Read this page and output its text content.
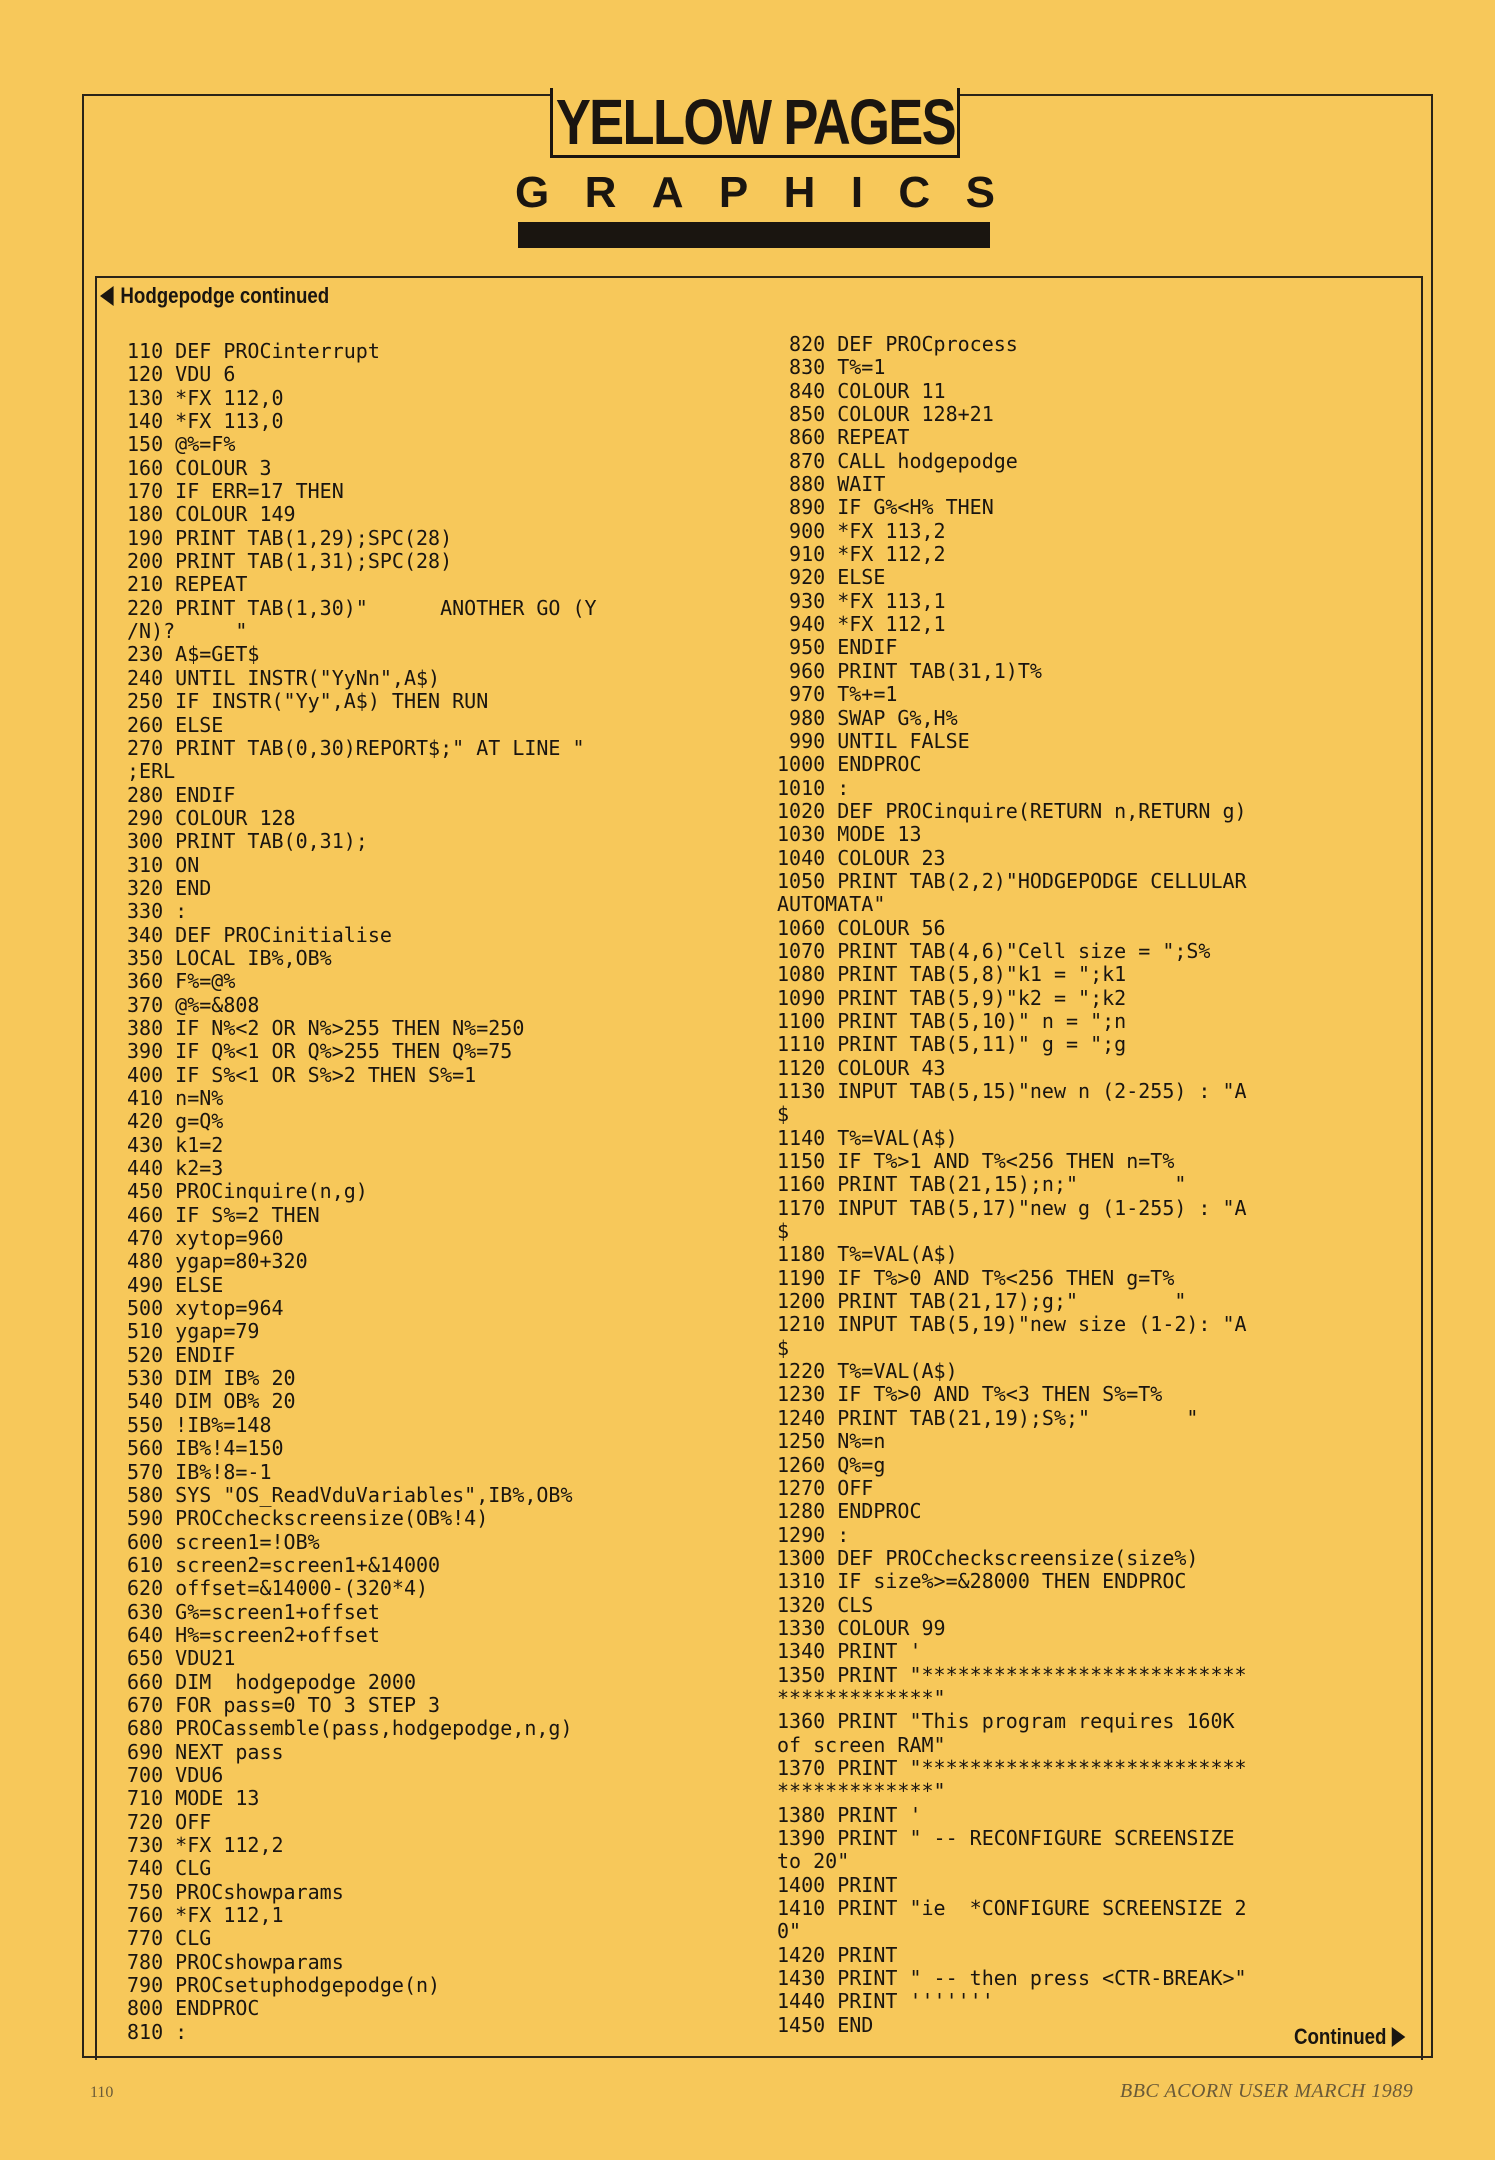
YELLOW PAGES
G R A P H I C S
Hodgepodge continued
110 DEF PROCinterrupt
120 VDU 6
130 *FX 112,0
140 *FX 113,0
150 @%=F%
160 COLOUR 3
170 IF ERR=17 THEN
180 COLOUR 149
190 PRINT TAB(1,29);SPC(28)
200 PRINT TAB(1,31);SPC(28)
210 REPEAT
220 PRINT TAB(1,30)"      ANOTHER GO (Y
/N)?     "
230 A$=GET$
240 UNTIL INSTR("YyNn",A$)
250 IF INSTR("Yy",A$) THEN RUN
260 ELSE
270 PRINT TAB(0,30)REPORT$;" AT LINE "
;ERL
280 ENDIF
290 COLOUR 128
300 PRINT TAB(0,31);
310 ON
320 END
330 :
340 DEF PROCinitialise
350 LOCAL IB%,OB%
360 F%=@%
370 @%=&808
380 IF N%<2 OR N%>255 THEN N%=250
390 IF Q%<1 OR Q%>255 THEN Q%=75
400 IF S%<1 OR S%>2 THEN S%=1
410 n=N%
420 g=Q%
430 k1=2
440 k2=3
450 PROCinquire(n,g)
460 IF S%=2 THEN
470 xytop=960
480 ygap=80+320
490 ELSE
500 xytop=964
510 ygap=79
520 ENDIF
530 DIM IB% 20
540 DIM OB% 20
550 !IB%=148
560 IB%!4=150
570 IB%!8=-1
580 SYS "OS_ReadVduVariables",IB%,OB%
590 PROCcheckscreensize(OB%!4)
600 screen1=!OB%
610 screen2=screen1+&14000
620 offset=&14000-(320*4)
630 G%=screen1+offset
640 H%=screen2+offset
650 VDU21
660 DIM  hodgepodge 2000
670 FOR pass=0 TO 3 STEP 3
680 PROCassemble(pass,hodgepodge,n,g)
690 NEXT pass
700 VDU6
710 MODE 13
720 OFF
730 *FX 112,2
740 CLG
750 PROCshowparams
760 *FX 112,1
770 CLG
780 PROCshowparams
790 PROCsetuphodgepodge(n)
800 ENDPROC
810 :
820 DEF PROCprocess
830 T%=1
840 COLOUR 11
850 COLOUR 128+21
860 REPEAT
870 CALL hodgepodge
880 WAIT
890 IF G%<H% THEN
900 *FX 113,2
910 *FX 112,2
920 ELSE
930 *FX 113,1
940 *FX 112,1
950 ENDIF
960 PRINT TAB(31,1)T%
970 T%+=1
980 SWAP G%,H%
990 UNTIL FALSE
1000 ENDPROC
1010 :
1020 DEF PROCinquire(RETURN n,RETURN g)
1030 MODE 13
1040 COLOUR 23
1050 PRINT TAB(2,2)"HODGEPODGE CELLULAR
AUTOMATA"
1060 COLOUR 56
1070 PRINT TAB(4,6)"Cell size = ";S%
1080 PRINT TAB(5,8)"k1 = ";k1
1090 PRINT TAB(5,9)"k2 = ";k2
1100 PRINT TAB(5,10)" n = ";n
1110 PRINT TAB(5,11)" g = ";g
1120 COLOUR 43
1130 INPUT TAB(5,15)"new n (2-255) : "A
$
1140 T%=VAL(A$)
1150 IF T%>1 AND T%<256 THEN n=T%
1160 PRINT TAB(21,15);n;"        "
1170 INPUT TAB(5,17)"new g (1-255) : "A
$
1180 T%=VAL(A$)
1190 IF T%>0 AND T%<256 THEN g=T%
1200 PRINT TAB(21,17);g;"        "
1210 INPUT TAB(5,19)"new size (1-2): "A
$
1220 T%=VAL(A$)
1230 IF T%>0 AND T%<3 THEN S%=T%
1240 PRINT TAB(21,19);S%;"        "
1250 N%=n
1260 Q%=g
1270 OFF
1280 ENDPROC
1290 :
1300 DEF PROCcheckscreensize(size%)
1310 IF size%>=&28000 THEN ENDPROC
1320 CLS
1330 COLOUR 99
1340 PRINT '
1350 PRINT "***************************
*************"
1360 PRINT "This program requires 160K
of screen RAM"
1370 PRINT "***************************
*************"
1380 PRINT '
1390 PRINT " -- RECONFIGURE SCREENSIZE
to 20"
1400 PRINT
1410 PRINT "ie  *CONFIGURE SCREENSIZE 2
0"
1420 PRINT
1430 PRINT " -- then press <CTR-BREAK>"
1440 PRINT '''''''
1450 END	Continued
110	BBC ACORN USER MARCH 1989
